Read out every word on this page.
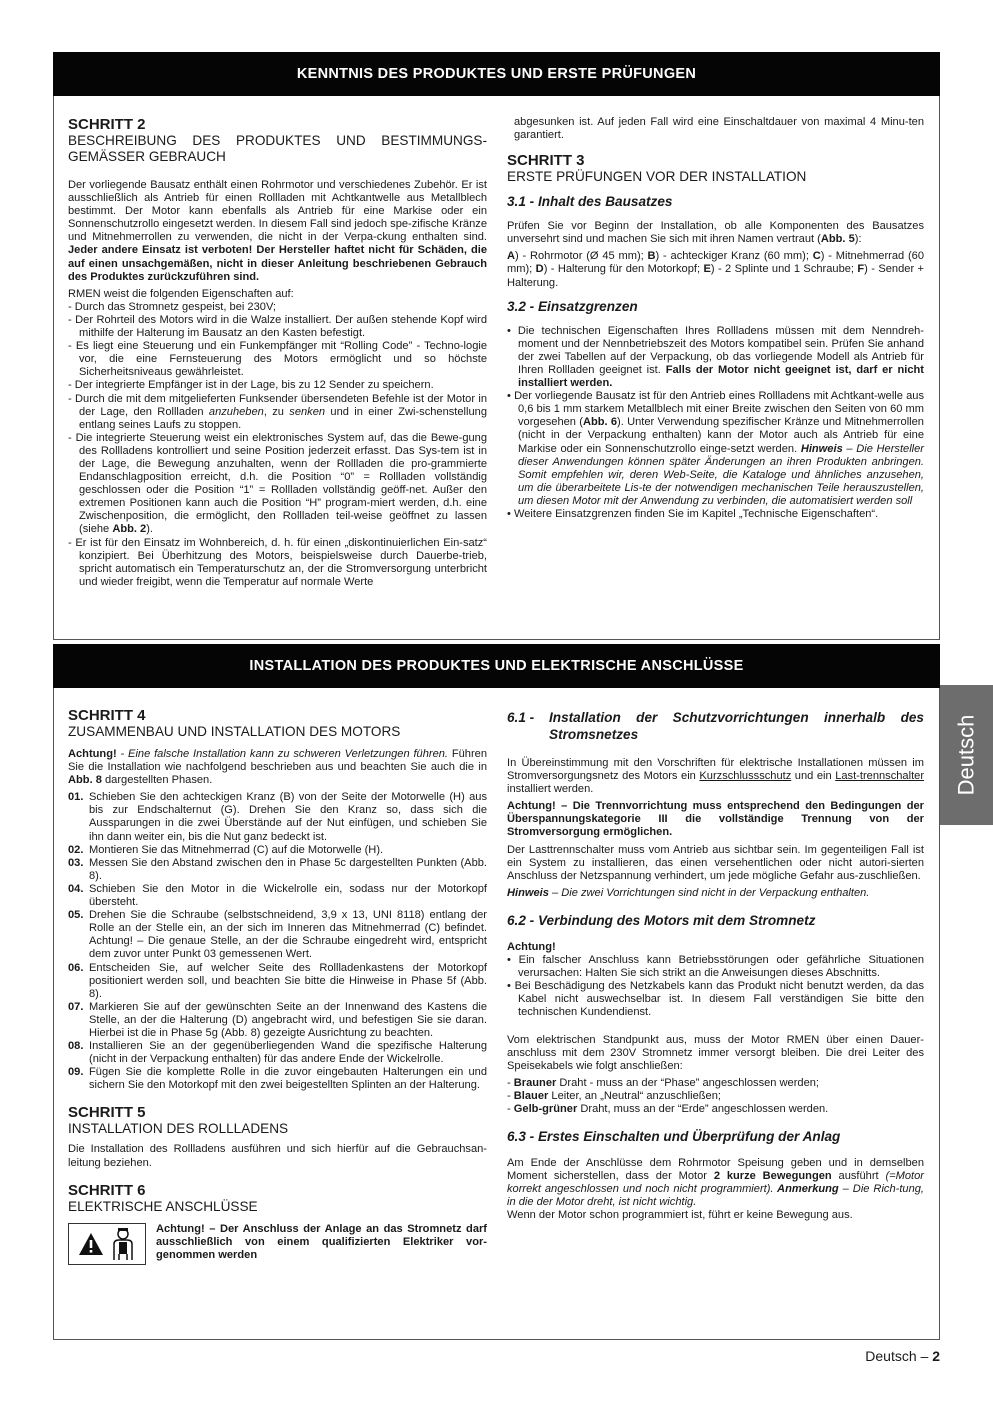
KENNTNIS DES PRODUKTES UND ERSTE PRÜFUNGEN
SCHRITT 2
BESCHREIBUNG DES PRODUKTES UND BESTIMMUNGS-GEMÄSSER GEBRAUCH

Der vorliegende Bausatz enthält einen Rohrmotor und verschiedenes Zubehör. Er ist ausschließlich als Antrieb für einen Rollladen mit Achtkantwelle aus Metallblech bestimmt. Der Motor kann ebenfalls als Antrieb für eine Markise oder ein Sonnenschutzrollo eingesetzt werden. In diesem Fall sind jedoch spe-zifische Kränze und Mitnehmerrollen zu verwenden, die nicht in der Verpa-ckung enthalten sind. Jeder andere Einsatz ist verboten! Der Hersteller haftet nicht für Schäden, die auf einen unsachgemäßen, nicht in dieser Anleitung beschriebenen Gebrauch des Produktes zurückzuführen sind.

RMEN weist die folgenden Eigenschaften auf:
- Durch das Stromnetz gespeist, bei 230V;
- Der Rohrteil des Motors wird in die Walze installiert. Der außen stehende Kopf wird mithilfe der Halterung im Bausatz an den Kasten befestigt.
- Es liegt eine Steuerung und ein Funkempfänger mit “Rolling Code” - Techno-logie vor, die eine Fernsteuerung des Motors ermöglicht und so höchste Sicherheitsniveaus gewährleistet.
- Der integrierte Empfänger ist in der Lage, bis zu 12 Sender zu speichern.
- Durch die mit dem mitgelieferten Funksender übersendeten Befehle ist der Motor in der Lage, den Rollladen anzuheben, zu senken und in einer Zwi-schenstellung entlang seines Laufs zu stoppen.
- Die integrierte Steuerung weist ein elektronisches System auf, das die Bewe-gung des Rollladens kontrolliert und seine Position jederzeit erfasst. Das Sys-tem ist in der Lage, die Bewegung anzuhalten, wenn der Rollladen die pro-grammierte Endanschlagposition erreicht, d.h. die Position “0” = Rollladen vollständig geschlossen oder die Position “1” = Rollladen vollständig geöff-net. Außer den extremen Positionen kann auch die Position “H” program-miert werden, d.h. eine Zwischenposition, die ermöglicht, den Rollladen teil-weise geöffnet zu lassen (siehe Abb. 2).
- Er ist für den Einsatz im Wohnbereich, d. h. für einen „diskontinuierlichen Ein-satz“ konzipiert. Bei Überhitzung des Motors, beispielsweise durch Dauerbe-trieb, spricht automatisch ein Temperaturschutz an, der die Stromversorgung unterbricht und wieder freigibt, wenn die Temperatur auf normale Werte

abgesunken ist. Auf jeden Fall wird eine Einschaltdauer von maximal 4 Minu-ten garantiert.

SCHRITT 3
ERSTE PRÜFUNGEN VOR DER INSTALLATION
3.1 - Inhalt des Bausatzes

Prüfen Sie vor Beginn der Installation, ob alle Komponenten des Bausatzes unversehrt sind und machen Sie sich mit ihren Namen vertraut (Abb. 5):

A) - Rohrmotor (Ø 45 mm); B) - achteckiger Kranz (60 mm); C) - Mitnehmerrad (60 mm); D) - Halterung für den Motorkopf; E) - 2 Splinte und 1 Schraube; F) - Sender + Halterung.

3.2 - Einsatzgrenzen
• Die technischen Eigenschaften Ihres Rollladens müssen mit dem Nenndreh-moment und der Nennbetriebszeit des Motors kompatibel sein. Prüfen Sie anhand der zwei Tabellen auf der Verpackung, ob das vorliegende Modell als Antrieb für Ihren Rollladen geeignet ist. Falls der Motor nicht geeignet ist, darf er nicht installiert werden.
• Der vorliegende Bausatz ist für den Antrieb eines Rollladens mit Achtkant-welle aus 0,6 bis 1 mm starkem Metallblech mit einer Breite zwischen den Seiten von 60 mm vorgesehen (Abb. 6). Unter Verwendung spezifischer Kränze und Mitnehmerrollen (nicht in der Verpackung enthalten) kann der Motor auch als Antrieb für eine Markise oder ein Sonnenschutzrollo einge-setzt werden. Hinweis – Die Hersteller dieser Anwendungen können später Änderungen an ihren Produkten anbringen. Somit empfehlen wir, deren Web-Seite, die Kataloge und ähnliches anzusehen, um die überarbeitete Lis-te der notwendigen mechanischen Teile herauszustellen, um diesen Motor mit der Anwendung zu verbinden, die automatisiert werden soll
• Weitere Einsatzgrenzen finden Sie im Kapitel „Technische Eigenschaften“.
INSTALLATION DES PRODUKTES UND ELEKTRISCHE ANSCHLÜSSE
Deutsch
SCHRITT 4
ZUSAMMENBAU UND INSTALLATION DES MOTORS

Achtung! - Eine falsche Installation kann zu schweren Verletzungen führen. Führen Sie die Installation wie nachfolgend beschrieben aus und beachten Sie auch die in Abb. 8 dargestellten Phasen.

01. Schieben Sie den achteckigen Kranz (B) von der Seite der Motorwelle (H) aus bis zur Endschalternut (G). Drehen Sie den Kranz so, dass sich die Aussparungen in die zwei Überstände auf der Nut einfügen, und schieben Sie ihn dann weiter ein, bis die Nut ganz bedeckt ist.
02. Montieren Sie das Mitnehmerrad (C) auf die Motorwelle (H).
03. Messen Sie den Abstand zwischen den in Phase 5c dargestellten Punkten (Abb. 8).
04. Schieben Sie den Motor in die Wickelrolle ein, sodass nur der Motorkopf übersteht.
05. Drehen Sie die Schraube (selbstschneidend, 3,9 x 13, UNI 8118) entlang der Rolle an der Stelle ein, an der sich im Inneren das Mitnehmerrad (C) befindet. Achtung! – Die genaue Stelle, an der die Schraube eingedreht wird, entspricht dem zuvor unter Punkt 03 gemessenen Wert.
06. Entscheiden Sie, auf welcher Seite des Rollladenkastens der Motorkopf positioniert werden soll, und beachten Sie bitte die Hinweise in Phase 5f (Abb. 8).
07. Markieren Sie auf der gewünschten Seite an der Innenwand des Kastens die Stelle, an der die Halterung (D) angebracht wird, und befestigen Sie sie daran. Hierbei ist die in Phase 5g (Abb. 8) gezeigte Ausrichtung zu beachten.
08. Installieren Sie an der gegenüberliegenden Wand die spezifische Halterung (nicht in der Verpackung enthalten) für das andere Ende der Wickelrolle.
09. Fügen Sie die komplette Rolle in die zuvor eingebauten Halterungen ein und sichern Sie den Motorkopf mit den zwei beigestellten Splinten an der Halterung.
SCHRITT 5
INSTALLATION DES ROLLLADENS

Die Installation des Rollladens ausführen und sich hierfür auf die Gebrauchsan-leitung beziehen.

SCHRITT 6
ELEKTRISCHE ANSCHLÜSSE
Achtung! – Der Anschluss der Anlage an das Stromnetz darf ausschließlich von einem qualifizierten Elektriker vor-genommen werden
6.1 -	Installation der Schutzvorrichtungen innerhalb des Stromsnetzes

In Übereinstimmung mit den Vorschriften für elektrische Installationen müssen im Stromversorgungsnetz des Motors ein Kurzschlussschutz und ein Last-trennschalter installiert werden.

Achtung! – Die Trennvorrichtung muss entsprechend den Bedingungen der Überspannungskategorie III die vollständige Trennung von der Stromversorgung ermöglichen.

Der Lasttrennschalter muss vom Antrieb aus sichtbar sein. Im gegenteiligen Fall ist ein System zu installieren, das einen versehentlichen oder nicht autori-sierten Anschluss der Netzspannung verhindert, um jede mögliche Gefahr aus-zuschließen.

Hinweis – Die zwei Vorrichtungen sind nicht in der Verpackung enthalten.

6.2 - Verbindung des Motors mit dem Stromnetz
Achtung!
• Ein falscher Anschluss kann Betriebsstörungen oder gefährliche Situationen verursachen: Halten Sie sich strikt an die Anweisungen dieses Abschnitts.
• Bei Beschädigung des Netzkabels kann das Produkt nicht benutzt werden, da das Kabel nicht auswechselbar ist. In diesem Fall verständigen Sie bitte den technischen Kundendienst.

Vom elektrischen Standpunkt aus, muss der Motor RMEN über einen Dauer-anschluss mit dem 230V Stromnetz immer versorgt bleiben. Die drei Leiter des Speisekabels wie folgt anschließen:

- Brauner Draht - muss an der “Phase” angeschlossen werden;
- Blauer Leiter, an „Neutral“ anzuschließen;
- Gelb-grüner Draht, muss an der “Erde” angeschlossen werden.
6.3 - Erstes Einschalten und Überprüfung der Anlag

Am Ende der Anschlüsse dem Rohrmotor Speisung geben und in demselben Moment sicherstellen, dass der Motor 2 kurze Bewegungen ausführt (=Motor korrekt angeschlossen und noch nicht programmiert). Anmerkung – Die Rich-tung, in die der Motor dreht, ist nicht wichtig.

Wenn der Motor schon programmiert ist, führt er keine Bewegung aus.

Deutsch – 2
